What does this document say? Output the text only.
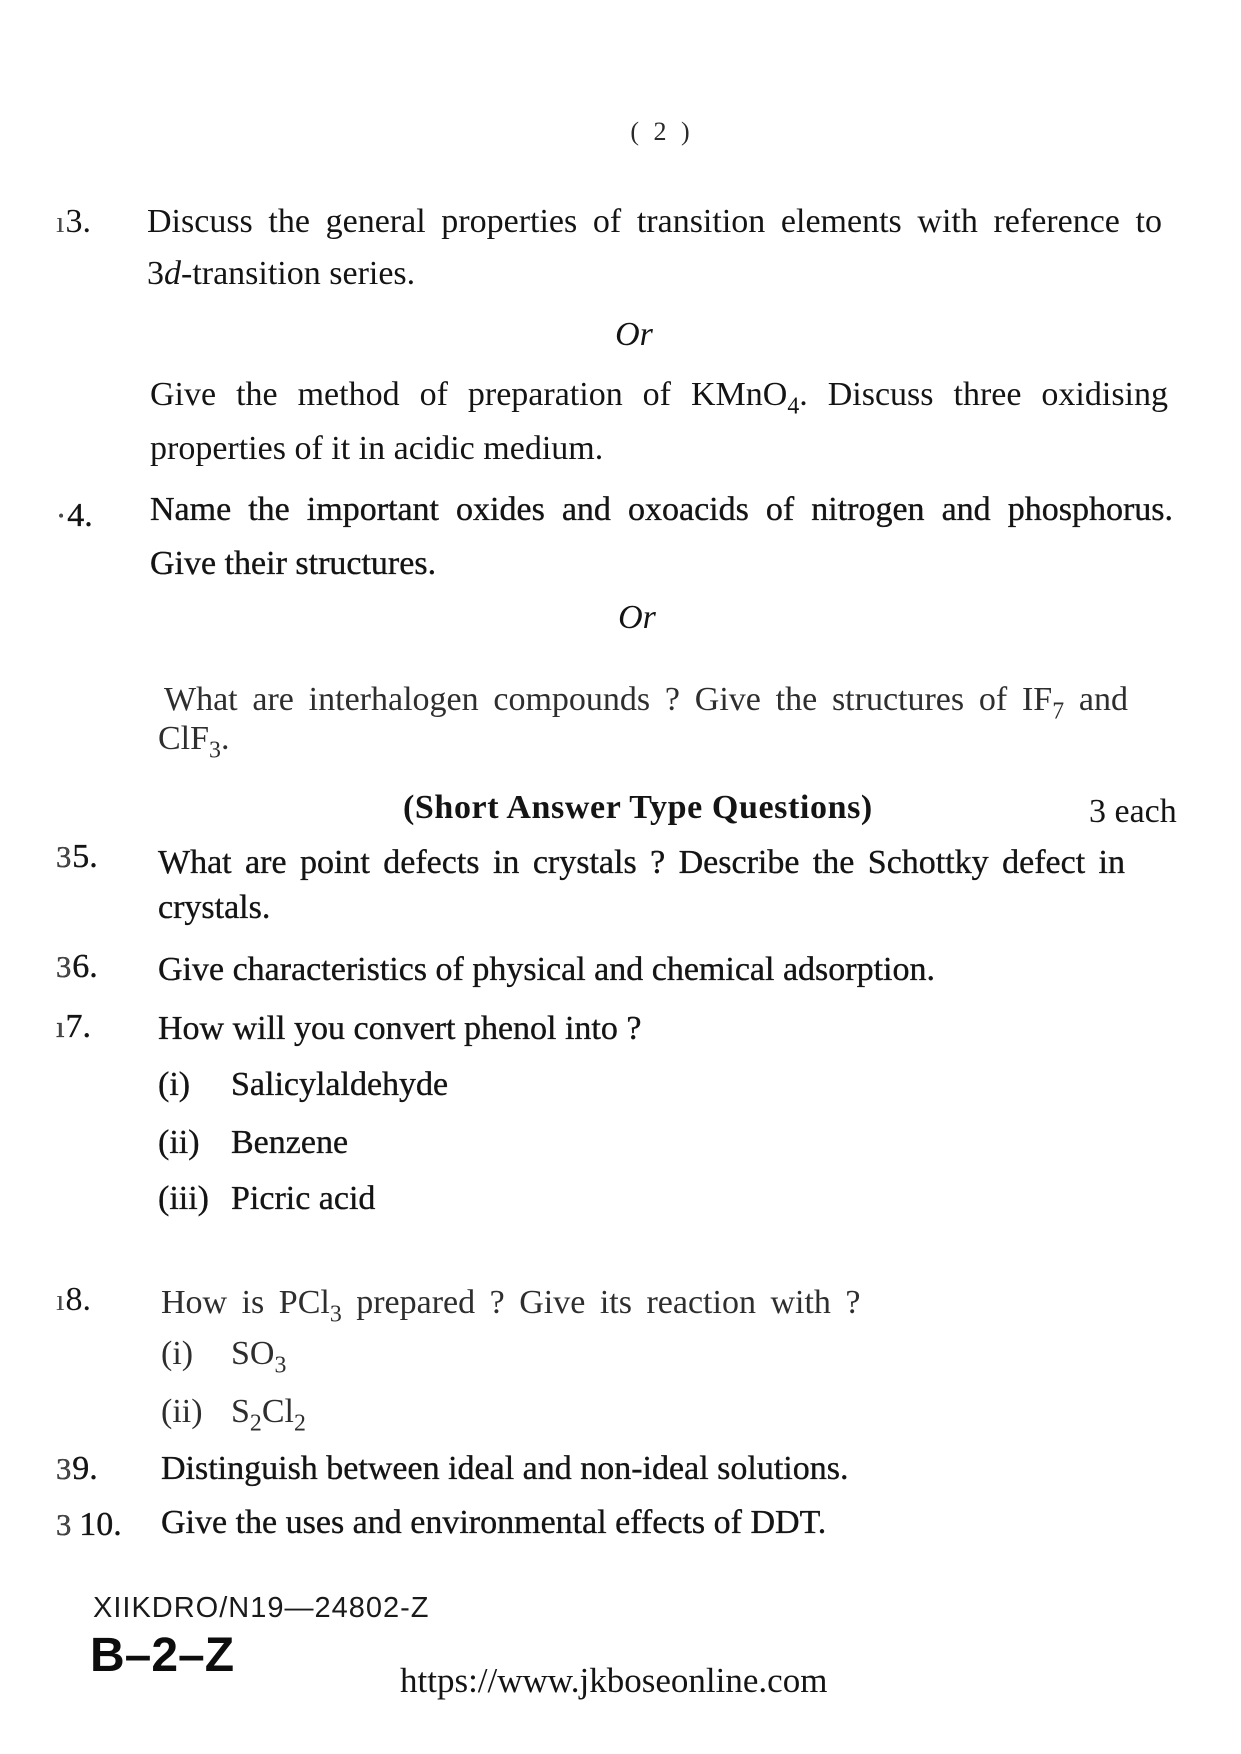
( 2 )
ı3. Discuss the general properties of transition elements with reference to
3d-transition series.
Or
Give the method of preparation of KMnO$_4$. Discuss three oxidising
properties of it in acidic medium.
·4. Name the important oxides and oxoacids of nitrogen and phosphorus.
Give their structures.
Or
What are interhalogen compounds ? Give the structures of $IF_7$ and
ClF$_3$.
(Short Answer Type Questions)	3 each
35. What are point defects in crystals ? Describe the Schottky defect in
crystals.
36. Give characteristics of physical and chemical adsorption.
ı7. How will you convert phenol into ?
(i) Salicylaldehyde
(ii) Benzene
(iii) Picric acid
ı8. How is PCl$_3$ prepared ? Give its reaction with ?
(i) $SO_3$
(ii) $S_2Cl_2$
39. Distinguish between ideal and non-ideal solutions.
3 10. Give the uses and environmental effects of DDT.
XIIKDRO/N19—24802-Z
B–2–Z	https://www.jkboseonline.com
